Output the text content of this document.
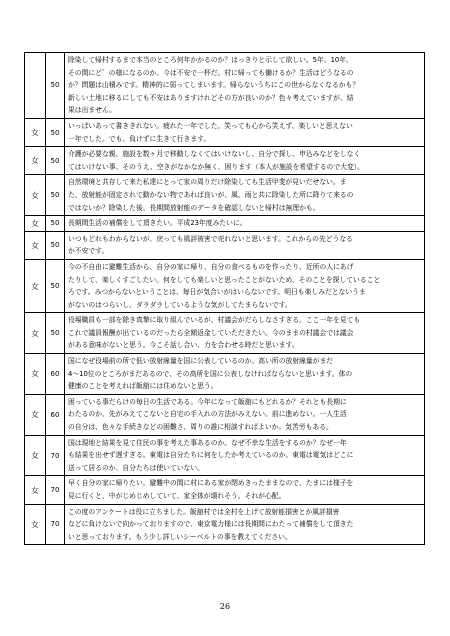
	50	除染して帰村するまで本当のところ何年かかるのか？はっきりと示して欲しい。5年、10年、
その間にど゛の様になるのか、今は不安で一杯だ。村に帰っても働けるか？生活はどうなるの
か？問題は山積みです。精神的に弱ってしまいます。帰らないうちにこの世からなくなるかも？
新しい土地に移るにしても不安はありますけれどその方が良いのか？色々考えていますが、結
果は出ません。

女	50	いっぱいあって書ききれない。疲れた一年でした。笑っても心から笑えず、楽しいと思えない
一年でした。でも、負けずに生きて行きます。

女	50	介護が必要な親、施設を数ヶ月で移動しなくてはいけないし、自分で探し、申込みなどをしなく
てはいけない事、そのうえ、空きがなかなか無く、困ります（本人が施設を希望するので大変）。

女	50	自然環境と共存して来た私達にとって家の周りだけ除染しても生活甲斐が見いだせない。ま
た、放射能が固定されて動かない物であれば良いが、風、雨と共に除染した所に降りて来るの
ではないか？除染した後、長期間放射能のデータを確認しないと帰村は無理かも。

女	50	長期間生活の補償をして頂きたい。平成23年度みたいに。

女	50	いつもどれもわからないが、戻っても風評被害で売れないと思います。これからの先どうなる
か不安です。

女	50	今の不自由に避難生活から、自分の家に帰り、自分の食べるものを作ったり、近所の人にあげ
たりして、楽しくすごしたい。何をしても楽しいと思ったことがないため、そのことを探していること
ろです。みつからないということは、毎日が気合いがはいらないです。明日も楽しみだとないうま
がないのはつらいし、ダラダラしているような気がしてたまらないです。

女	50	役場職員も一部を除き真摯に取り組んでいるが、村議会がだらしなさすぎる。ここ一年を見ても
これで議員報酬が出ているのだったら全額返金していただきたい。今のままの村議会では議会
がある意味がないと思う。今こそ話し合い、力を合わせる時だと思います。

女	60	国になぜ役場前の所で低い放射線量を国に公表しているのか。高い所の放射線量がまだ
4～10位のところがまだあるので、その高所を国に公表しなければならないと思います。体の
健康のことを考えれば飯舘には住めないと思う。

女	60	困っている事だらけの毎日の生活である。今年になって飯舘にもどれるか？それとも長期に
わたるのか、先がみえてこないと自宅の手入れの方法がみえない。前に進めない。一人生活
の自分は、色々な手続きなどの困難さ、周りの誰に相談すればよいか。気苦労もある。

女	70	国は現地と結果を見て住民の事を考えた事あるのか。なぜ不幸な生活をするのか？なぜ一年
も結果を出せず遅すぎる。東電は自分たちに何をしたか考えているのか。東電は電気はどこに
送って居るのか、自分たちは使いていない。

女	70	早く自分の家に帰りたい。避難中の間に村にある家が閉めきったままなので、たまには様子を
見に行くと、中がじめじめしていて、家全体が壊れそう。それが心配。

女	70	この度のアンケートは役に立ちました。飯舘村では全村を上げて放射能損害とか風評損害
などに負けないで向かっておりますので、東京電力様には長期間にわたって補償をして頂きた
いと思っております。もう少し詳しいシーベルトの事を教えてください。
26
